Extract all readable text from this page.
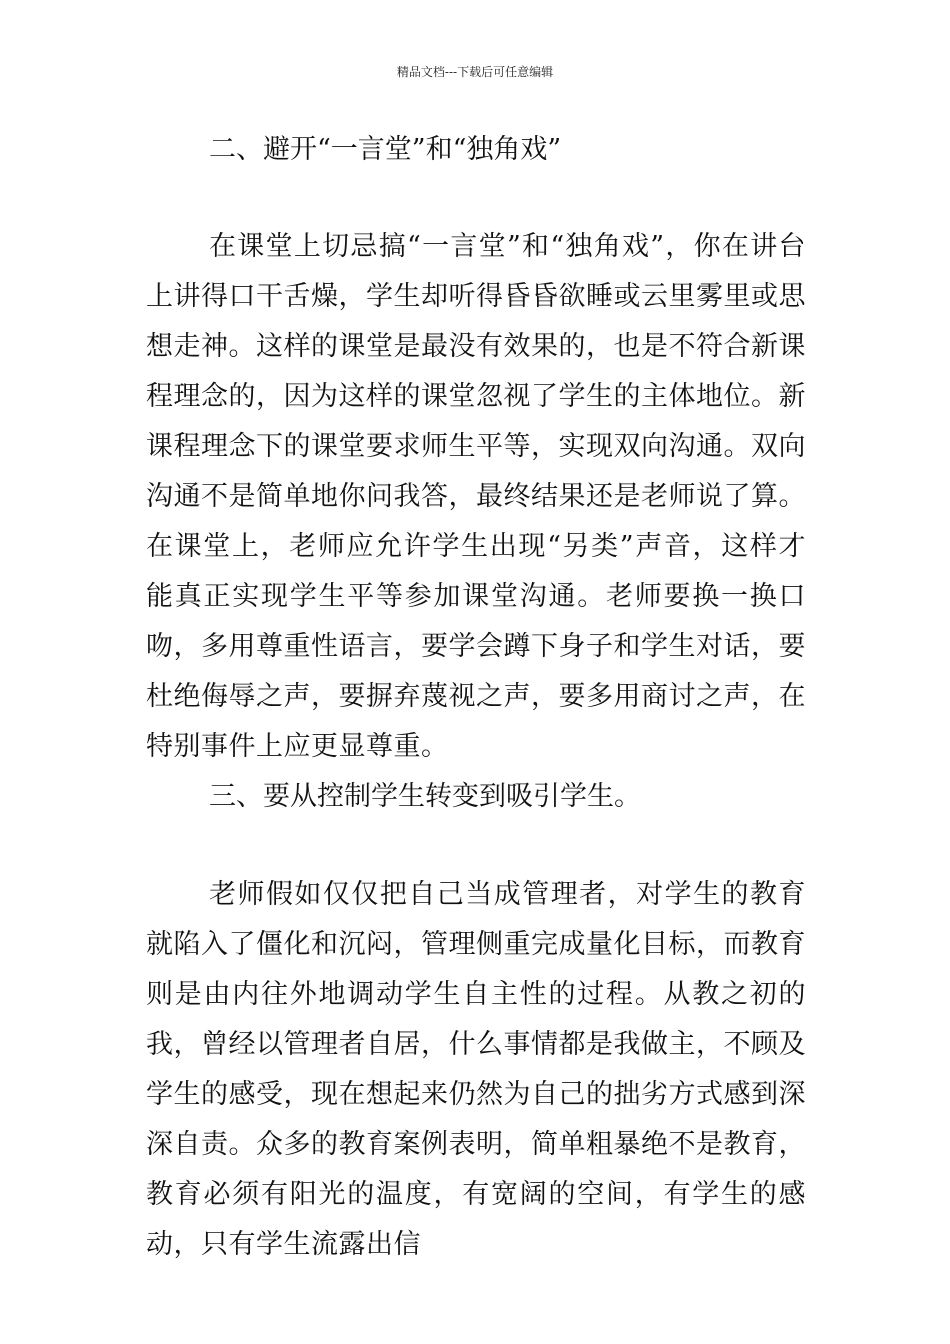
精品文档---下载后可任意编辑
二、避开“一言堂”和“独角戏”

在课堂上切忌搞“一言堂”和“独角戏”，你在讲台上讲得口干舌燥，学生却听得昏昏欲睡或云里雾里或思想走神。这样的课堂是最没有效果的，也是不符合新课程理念的，因为这样的课堂忽视了学生的主体地位。新课程理念下的课堂要求师生平等，实现双向沟通。双向沟通不是简单地你问我答，最终结果还是老师说了算。在课堂上，老师应允许学生出现“另类”声音，这样才能真正实现学生平等参加课堂沟通。老师要换一换口吻，多用尊重性语言，要学会蹲下身子和学生对话，要杜绝侮辱之声，要摒弃蔑视之声，要多用商讨之声，在特别事件上应更显尊重。

三、要从控制学生转变到吸引学生。

老师假如仅仅把自己当成管理者，对学生的教育就陷入了僵化和沉闷，管理侧重完成量化目标，而教育则是由内往外地调动学生自主性的过程。从教之初的我，曾经以管理者自居，什么事情都是我做主，不顾及学生的感受，现在想起来仍然为自己的拙劣方式感到深深自责。众多的教育案例表明，简单粗暴绝不是教育，教育必须有阳光的温度，有宽阔的空间，有学生的感动，只有学生流露出信
